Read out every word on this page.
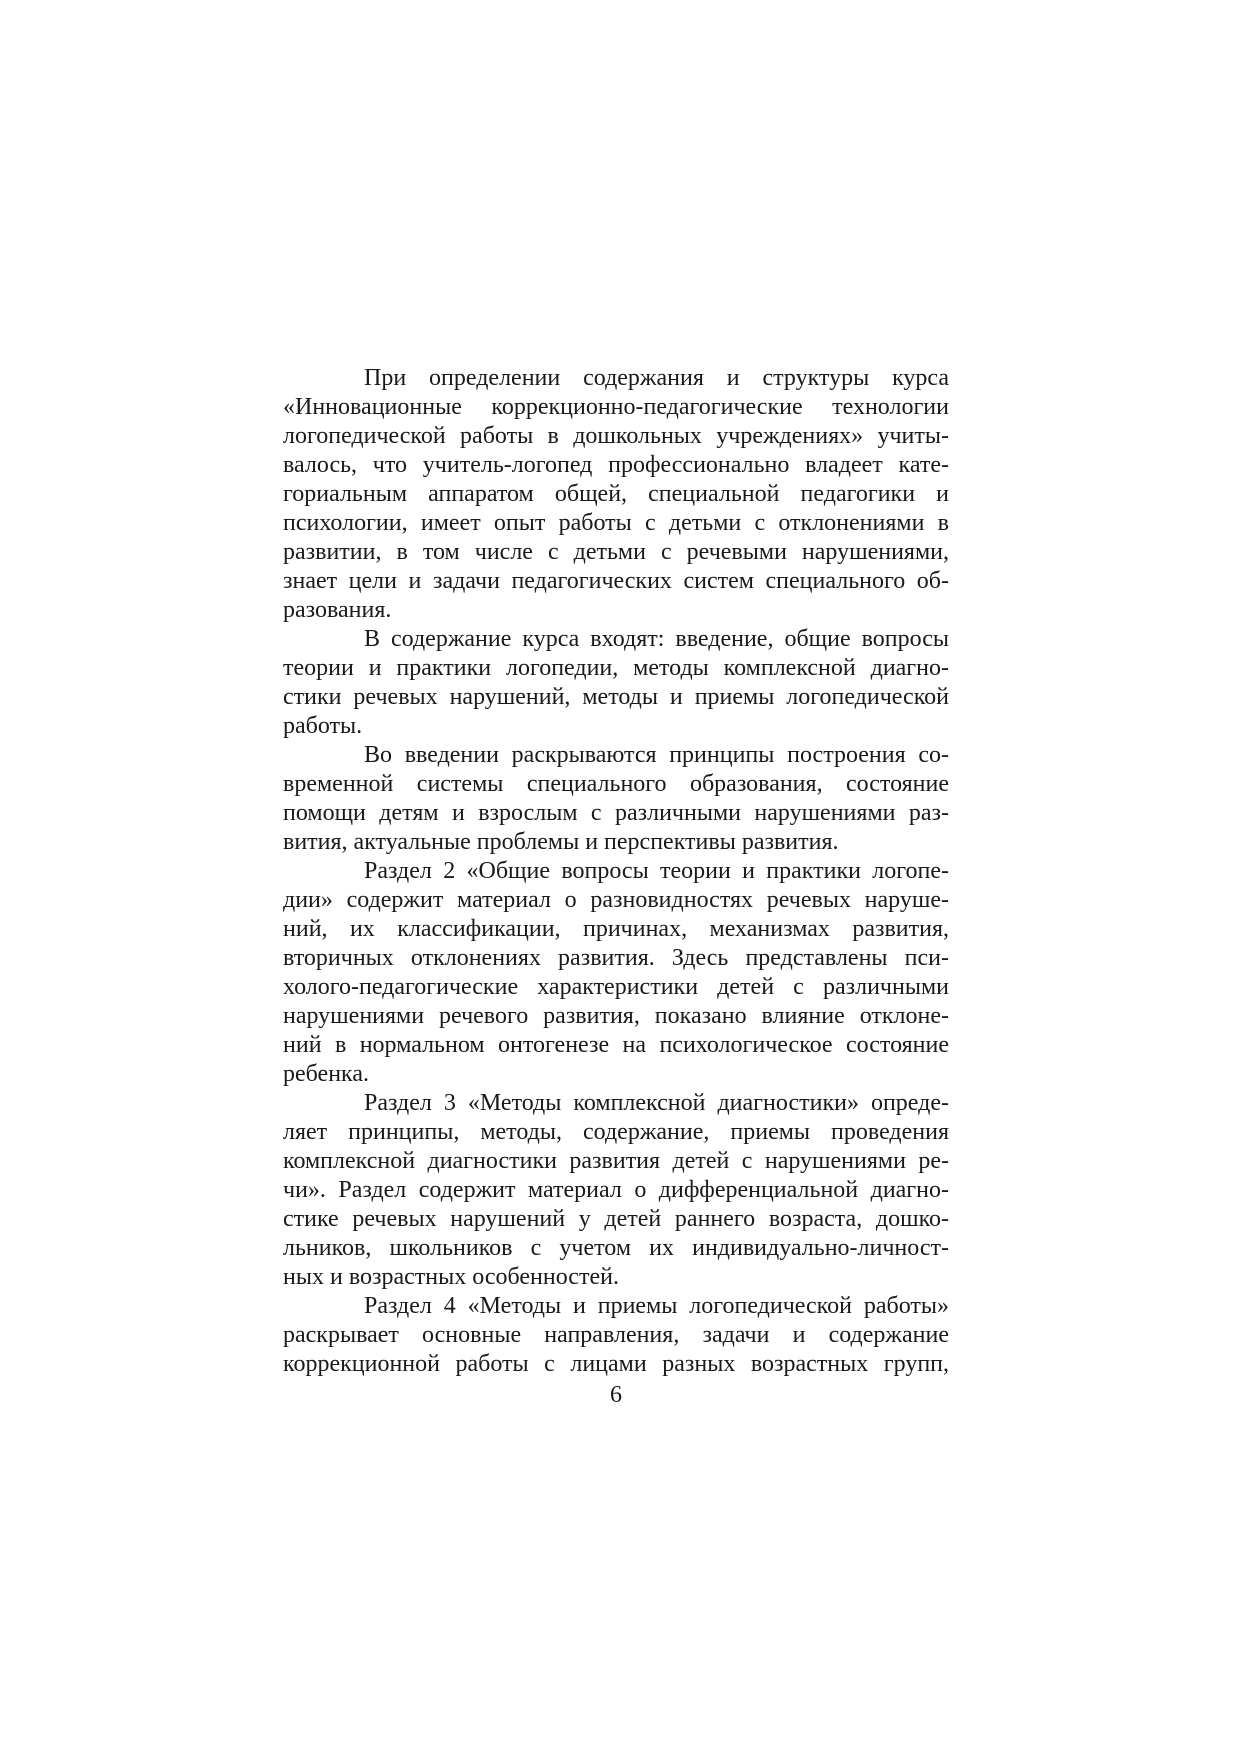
При определении содержания и структуры курса
«Инновационные коррекционно-педагогические технологии
логопедической работы в дошкольных учреждениях» учиты-
валось, что учитель-логопед профессионально владеет кате-
гориальным аппаратом общей, специальной педагогики и
психологии, имеет опыт работы с детьми с отклонениями в
развитии, в том числе с детьми с речевыми нарушениями,
знает цели и задачи педагогических систем специального об-
разования.
В содержание курса входят: введение, общие вопросы
теории и практики логопедии, методы комплексной диагно-
стики речевых нарушений, методы и приемы логопедической
работы.
Во введении раскрываются принципы построения со-
временной системы специального образования, состояние
помощи детям и взрослым с различными нарушениями раз-
вития, актуальные проблемы и перспективы развития.
Раздел 2 «Общие вопросы теории и практики логопе-
дии» содержит материал о разновидностях речевых наруше-
ний, их классификации, причинах, механизмах развития,
вторичных отклонениях развития. Здесь представлены пси-
холого-педагогические характеристики детей с различными
нарушениями речевого развития, показано влияние отклоне-
ний в нормальном онтогенезе на психологическое состояние
ребенка.
Раздел 3 «Методы комплексной диагностики» опреде-
ляет принципы, методы, содержание, приемы проведения
комплексной диагностики развития детей с нарушениями ре-
чи». Раздел содержит материал о дифференциальной диагно-
стике речевых нарушений у детей раннего возраста, дошко-
льников, школьников с учетом их индивидуально-личност-
ных и возрастных особенностей.
Раздел 4 «Методы и приемы логопедической работы»
раскрывает основные направления, задачи и содержание
коррекционной работы с лицами разных возрастных групп,
6
